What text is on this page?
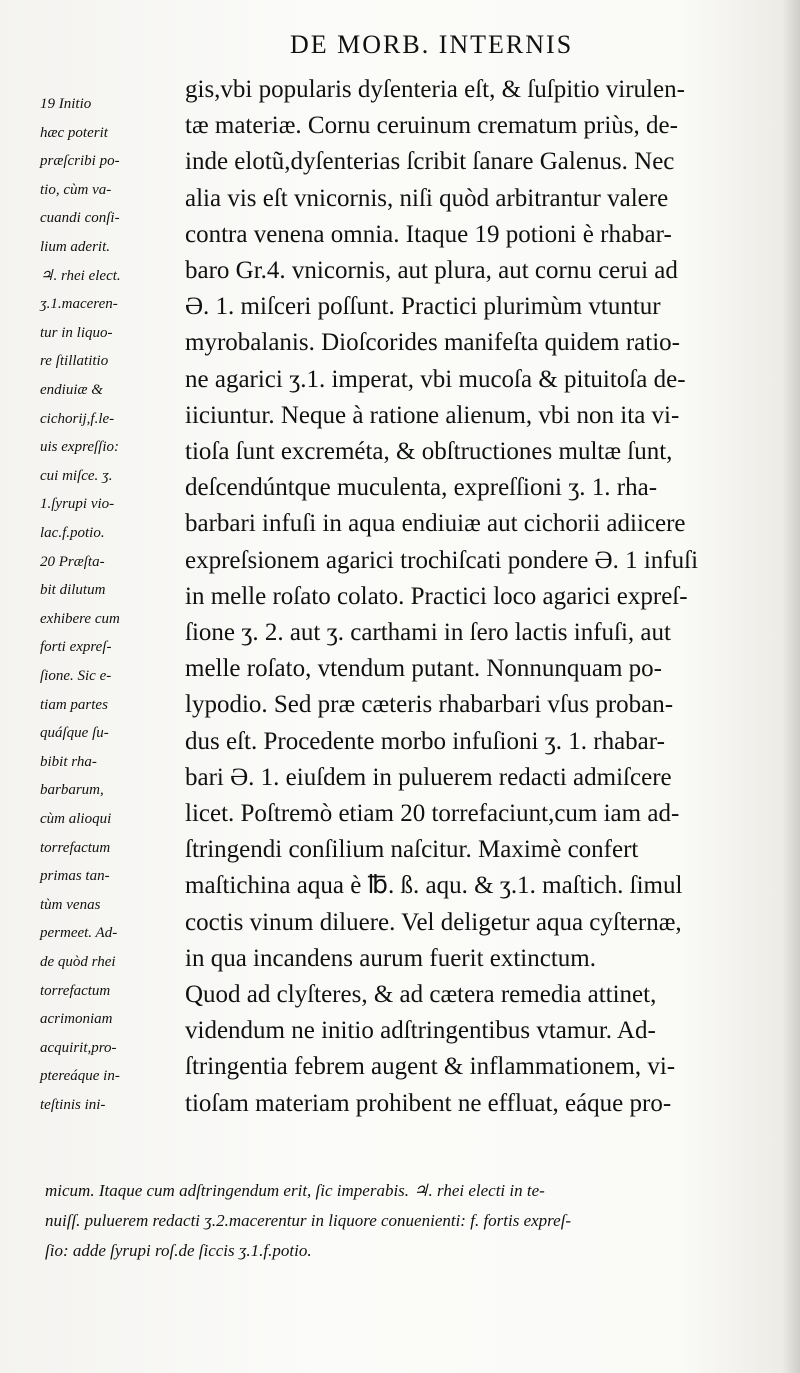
DE MORB. INTERNIS
19 Initio
hæc poterit
præſcribi po-
tio, cùm va-
cuandi conſi-
lium aderit.
♃. rhei elect.
ʒ.1.maceren-
tur in liquo-
re ſtillatitio
endiuiæ &
cichorij,f.le-
uis expreſſio:
cui miſce. ʒ.
1.ſyrupi vio-
lac.f.potio.
20 Præſta-
bit dilutum
exhibere cum
forti expreſ-
ſione. Sic e-
tiam partes
quáſque ſu-
bibit rha-
barbarum,
cùm alioqui
torrefactum
primas tan-
tùm venas
permeet. Ad-
de quòd rhei
torrefactum
acrimoniam
acquirit,pro-
ptereáque in-
teſtinis ini-
gis,vbi popularis dyſenteria eſt, & ſuſpitio virulen-
tæ materiæ. Cornu ceruinum crematum priùs, de-
inde elotũ,dyſenterias ſcribit ſanare Galenus. Nec
alia vis eſt vnicornis, niſi quòd arbitrantur valere
contra venena omnia. Itaque 19 potioni è rhabar-
baro Gr.4. vnicornis, aut plura, aut cornu cerui ad
Ə. 1. miſceri poſſunt. Practici plurimùm vtuntur
myrobalanis. Dioſcorides manifeſta quidem ratio-
ne agarici ʒ.1. imperat, vbi mucoſa & pituitoſa de-
iiciuntur. Neque à ratione alienum, vbi non ita vi-
tioſa ſunt excreméta, & obſtructiones multæ ſunt,
deſcendúntque muculenta, expreſſioni ʒ. 1. rha-
barbari infuſi in aqua endiuiæ aut cichorii adiicere
expreſsionem agarici trochiſcati pondere Ə. 1 infuſi
in melle roſato colato. Practici loco agarici expreſ-
ſione ʒ. 2. aut ʒ. carthami in ſero lactis infuſi, aut
melle roſato, vtendum putant. Nonnunquam po-
lypodio. Sed præ cæteris rhabarbari vſus proban-
dus eſt. Procedente morbo infuſioni ʒ. 1. rhabar-
bari Ə. 1. eiuſdem in puluerem redacti admiſcere
licet. Poſtremò etiam 20 torrefaciunt,cum iam ad-
ſtringendi conſilium naſcitur. Maximè confert
maſtichina aqua è ℔. ß. aqu. & ʒ.1. maſtich. ſimul
coctis vinum diluere. Vel deligetur aqua cyſternæ,
in qua incandens aurum fuerit extinctum.
Quod ad clyſteres, & ad cætera remedia attinet,
videndum ne initio adſtringentibus vtamur. Ad-
ſtringentia febrem augent & inflammationem, vi-
tioſam materiam prohibent ne effluat, eáque pro-
micum. Itaque cum adſtringendum erit, ſic imperabis. ♃. rhei electi in te-
nuiſſ. puluerem redacti ʒ.2.macerentur in liquore conuenienti: f. fortis expreſ-
ſio: adde ſyrupi roſ.de ſiccis ʒ.1.f.potio.
